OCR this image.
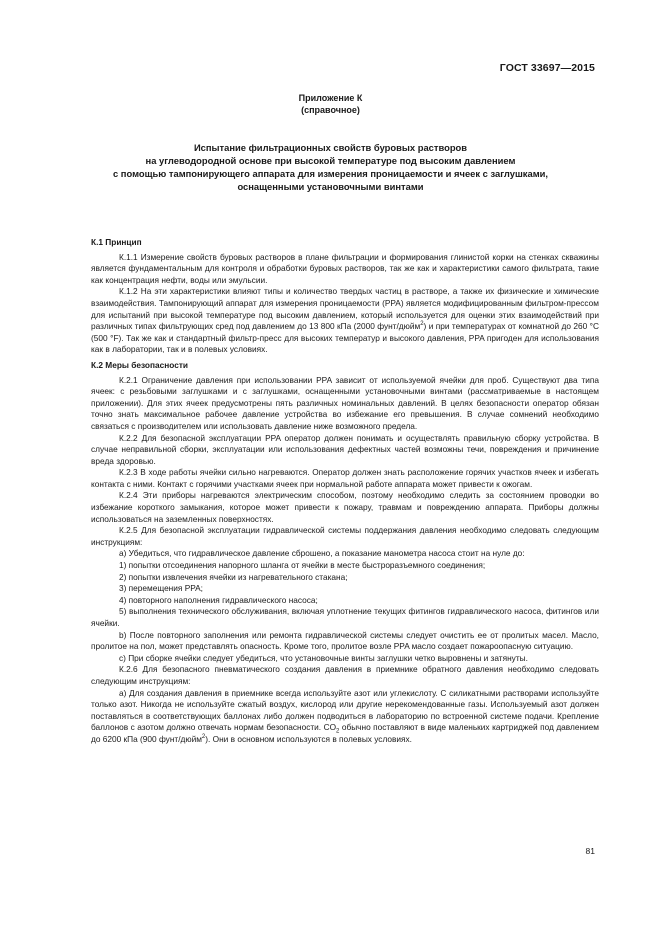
ГОСТ 33697—2015
Приложение К
(справочное)
Испытание фильтрационных свойств буровых растворов
на углеводородной основе при высокой температуре под высоким давлением
с помощью тампонирующего аппарата для измерения проницаемости и ячеек с заглушками,
оснащенными установочными винтами

К.1 Принцип

К.1.1 Измерение свойств буровых растворов в плане фильтрации и формирования глинистой корки на стенках скважины является фундаментальным для контроля и обработки буровых растворов, так же как и характеристики самого фильтрата, такие как концентрация нефти, воды или эмульсии.

К.1.2 На эти характеристики влияют типы и количество твердых частиц в растворе, а также их физические и химические взаимодействия. Тампонирующий аппарат для измерения проницаемости (PPA) является модифицированным фильтром-прессом для испытаний при высокой температуре под высоким давлением, который используется для оценки этих взаимодействий при различных типах фильтрующих сред под давлением до 13 800 кПа (2000 фунт/дюйм$^2$) и при температурах от комнатной до 260 °С (500 °F). Так же как и стандартный фильтр-пресс для высоких температур и высокого давления, PPA пригоден для использования как в лаборатории, так и в полевых условиях.

К.2 Меры безопасности

К.2.1 Ограничение давления при использовании PPA зависит от используемой ячейки для проб. Существуют два типа ячеек: с резьбовыми заглушками и с заглушками, оснащенными установочными винтами (рассматриваемые в настоящем приложении). Для этих ячеек предусмотрены пять различных номинальных давлений. В целях безопасности оператор обязан точно знать максимальное рабочее давление устройства во избежание его превышения. В случае сомнений необходимо связаться с производителем или использовать давление ниже возможного предела.

К.2.2 Для безопасной эксплуатации PPA оператор должен понимать и осуществлять правильную сборку устройства. В случае неправильной сборки, эксплуатации или использования дефектных частей возможны течи, повреждения и причинение вреда здоровью.

К.2.3 В ходе работы ячейки сильно нагреваются. Оператор должен знать расположение горячих участков ячеек и избегать контакта с ними. Контакт с горячими участками ячеек при нормальной работе аппарата может привести к ожогам.

К.2.4 Эти приборы нагреваются электрическим способом, поэтому необходимо следить за состоянием проводки во избежание короткого замыкания, которое может привести к пожару, травмам и повреждению аппарата. Приборы должны использоваться на заземленных поверхностях.

К.2.5 Для безопасной эксплуатации гидравлической системы поддержания давления необходимо следовать следующим инструкциям:

а) Убедиться, что гидравлическое давление сброшено, а показание манометра насоса стоит на нуле до:

1) попытки отсоединения напорного шланга от ячейки в месте быстроразъемного соединения;

2) попытки извлечения ячейки из нагревательного стакана;

3) перемещения PPA;

4) повторного наполнения гидравлического насоса;

5) выполнения технического обслуживания, включая уплотнение текущих фитингов гидравлического насоса, фитингов или ячейки.

b) После повторного заполнения или ремонта гидравлической системы следует очистить ее от пролитых масел. Масло, пролитое на пол, может представлять опасность. Кроме того, пролитое возле PPA масло создает пожароопасную ситуацию.

с) При сборке ячейки следует убедиться, что установочные винты заглушки четко выровнены и затянуты.

К.2.6 Для безопасного пневматического создания давления в приемнике обратного давления необходимо следовать следующим инструкциям:

а) Для создания давления в приемнике всегда используйте азот или углекислоту. С силикатными растворами используйте только азот. Никогда не используйте сжатый воздух, кислород или другие нерекомендованные газы. Используемый азот должен поставляться в соответствующих баллонах либо должен подводиться в лабораторию по встроенной системе подачи. Крепление баллонов с азотом должно отвечать нормам безопасности. $CO_2$ обычно поставляют в виде маленьких картриджей под давлением до 6200 кПа (900 фунт/дюйм$^2$). Они в основном используются в полевых условиях.

81
